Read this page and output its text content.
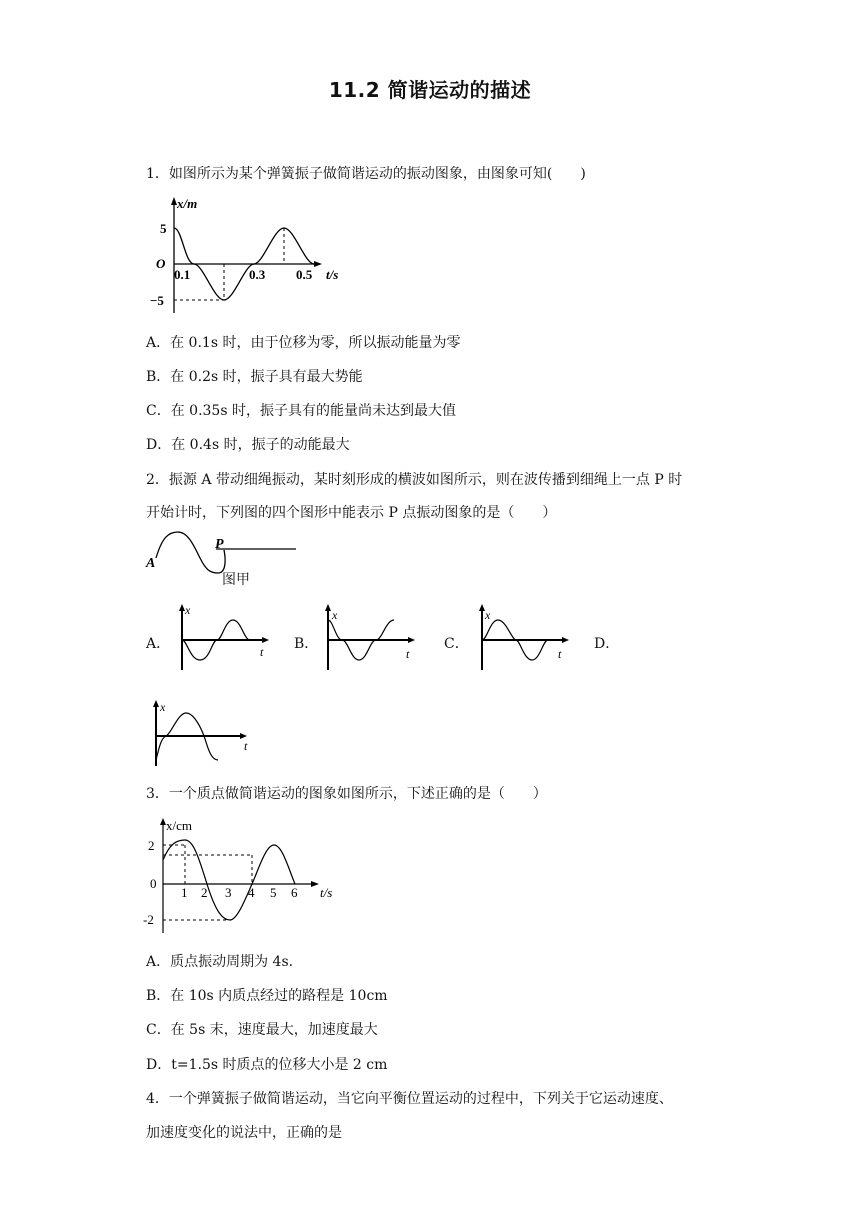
11.2 简谐运动的描述
1．如图所示为某个弹簧振子做简谐运动的振动图象，由图象可知(　　)
x/m
t/s
O
5
−5
0.1	0.3 0.5
A．在 0.1s 时，由于位移为零，所以振动能量为零
B．在 0.2s 时，振子具有最大势能
C．在 0.35s 时，振子具有的能量尚未达到最大值
D．在 0.4s 时，振子的动能最大
2．振源 A 带动细绳振动，某时刻形成的横波如图所示，则在波传播到细绳上一点 P 时
开始计时，下列图的四个图形中能表示 P 点振动图象的是（　　）
A
P
图甲
A．
x
t B．
x
t
C．
x
t
D．
x
t
3．一个质点做简谐运动的图象如图所示，下述正确的是（　　）
x/cm
t/s
2
0
-2
1 2 3 4 5 6
A．质点振动周期为 4s.
B．在 10s 内质点经过的路程是 10cm
C．在 5s 末，速度最大，加速度最大
D．t=1.5s 时质点的位移大小是 2 cm
4．一个弹簧振子做简谐运动，当它向平衡位置运动的过程中，下列关于它运动速度、
加速度变化的说法中，正确的是
